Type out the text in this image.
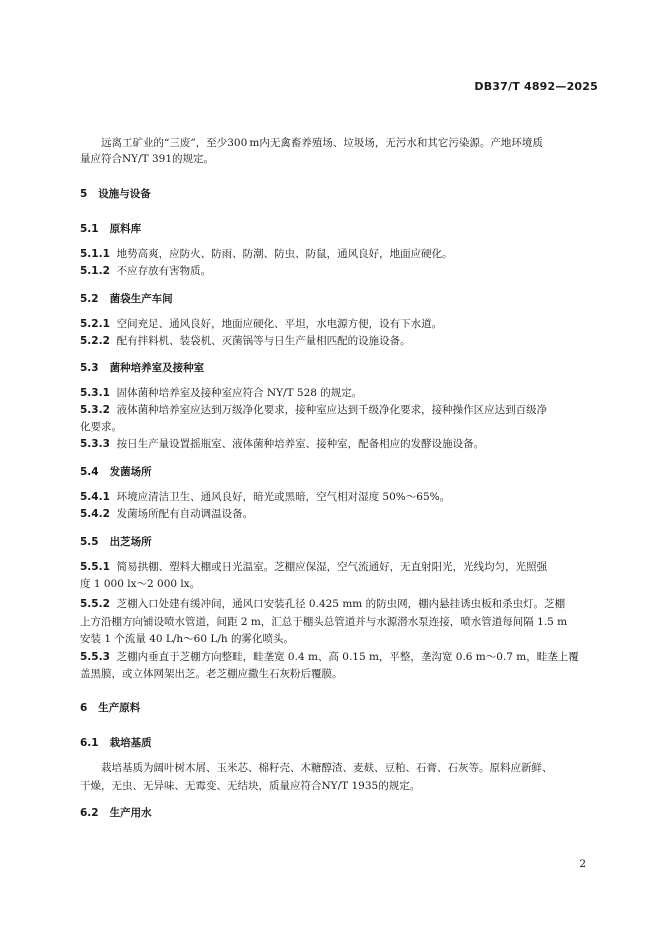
DB37/T 4892—2025
远离工矿业的“三废”，至少300 m内无禽畜养殖场、垃圾场，无污水和其它污染源。产地环境质
量应符合NY/T 391的规定。
5 设施与设备
5.1 原料库
5.1.1 地势高爽，应防火、防雨、防潮、防虫、防鼠，通风良好，地面应硬化。
5.1.2 不应存放有害物质。
5.2 菌袋生产车间
5.2.1 空间充足、通风良好，地面应硬化、平坦，水电源方便，设有下水道。
5.2.2 配有拌料机、装袋机、灭菌锅等与日生产量相匹配的设施设备。
5.3 菌种培养室及接种室
5.3.1 固体菌种培养室及接种室应符合 NY/T 528 的规定。
5.3.2 液体菌种培养室应达到万级净化要求，接种室应达到千级净化要求，接种操作区应达到百级净
化要求。
5.3.3 按日生产量设置摇瓶室、液体菌种培养室、接种室，配备相应的发酵设施设备。
5.4 发菌场所
5.4.1 环境应清洁卫生、通风良好，暗光或黑暗，空气相对湿度 50%～65%。
5.4.2 发菌场所配有自动调温设备。
5.5 出芝场所
5.5.1 简易拱棚、塑料大棚或日光温室。芝棚应保湿，空气流通好，无直射阳光，光线均匀，光照强
度 1 000 lx～2 000 lx。
5.5.2 芝棚入口处建有缓冲间，通风口安装孔径 0.425 mm 的防虫网，棚内悬挂诱虫板和杀虫灯。芝棚
上方沿棚方向铺设喷水管道，间距 2 m，汇总于棚头总管道并与水源潜水泵连接，喷水管道每间隔 1.5 m
安装 1 个流量 40 L/h～60 L/h 的雾化喷头。
5.5.3 芝棚内垂直于芝棚方向整畦，畦垄宽 0.4 m、高 0.15 m，平整，垄沟宽 0.6 m～0.7 m，畦垄上覆
盖黑膜，或立体网架出芝。老芝棚应撒生石灰粉后覆膜。
6 生产原料
6.1 栽培基质
栽培基质为阔叶树木屑、玉米芯、棉籽壳、木糖醇渣、麦麸、豆粕、石膏、石灰等。原料应新鲜、
干燥，无虫、无异味、无霉变、无结块，质量应符合NY/T 1935的规定。
6.2 生产用水
2
